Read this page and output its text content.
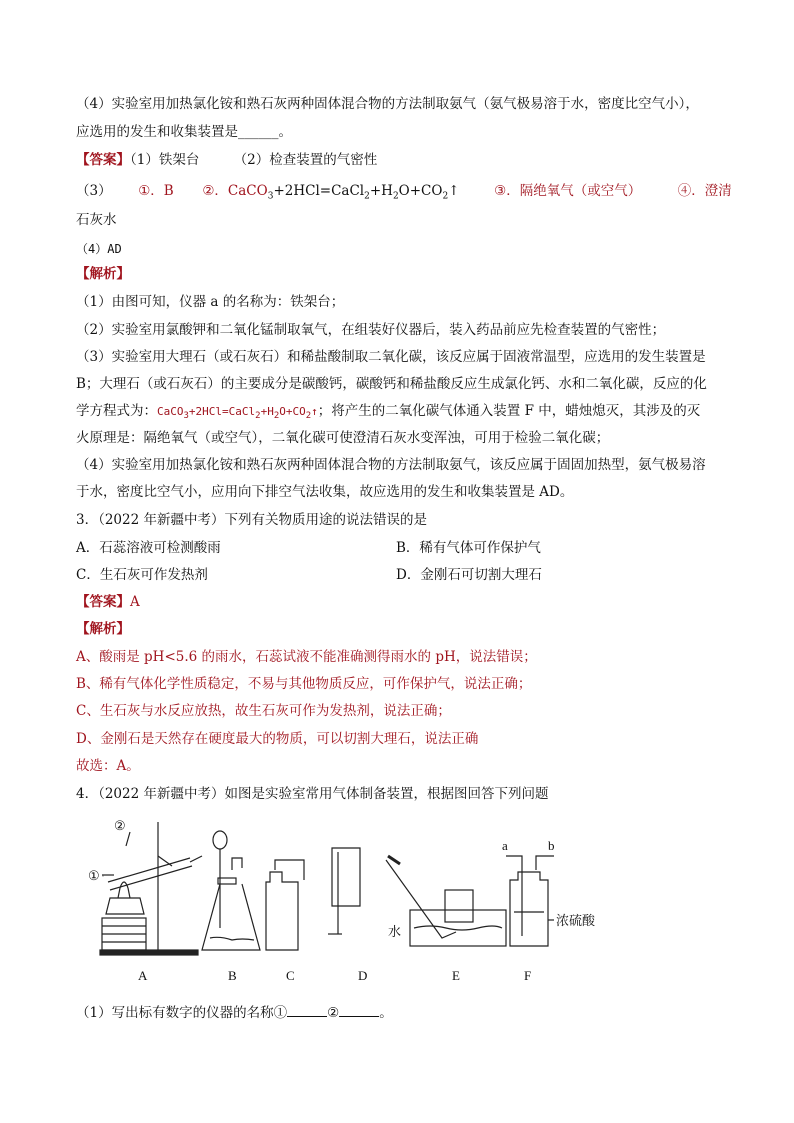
（4）实验室用加热氯化铵和熟石灰两种固体混合物的方法制取氨气（氨气极易溶于水，密度比空气小），
应选用的发生和收集装置是______。
【答案】（1）铁架台	（2）检查装置的气密性
（3） ①．B ②．$CaCO_3+2HCl=CaCl_2+H_2O+CO_2↑$	③．隔绝氧气（或空气）	④．澄清
石灰水
（4）AD
【解析】
（1）由图可知，仪器 a 的名称为：铁架台；
（2）实验室用氯酸钾和二氧化锰制取氧气，在组装好仪器后，装入药品前应先检查装置的气密性；
（3）实验室用大理石（或石灰石）和稀盐酸制取二氧化碳，该反应属于固液常温型，应选用的发生装置是
B；大理石（或石灰石）的主要成分是碳酸钙，碳酸钙和稀盐酸反应生成氯化钙、水和二氧化碳，反应的化
学方程式为：$CaCO_3+2HCl=CaCl_2+H_2O+CO_2↑$；将产生的二氧化碳气体通入装置 F 中，蜡烛熄灭，其涉及的灭
火原理是：隔绝氧气（或空气），二氧化碳可使澄清石灰水变浑浊，可用于检验二氧化碳；
（4）实验室用加热氯化铵和熟石灰两种固体混合物的方法制取氨气，该反应属于固固加热型，氨气极易溶
于水，密度比空气小，应用向下排空气法收集，故应选用的发生和收集装置是 AD。
3．（2022 年新疆中考）下列有关物质用途的说法错误的是
A．石蕊溶液可检测酸雨	B．稀有气体可作保护气
C．生石灰可作发热剂	D．金刚石可切割大理石
【答案】A
【解析】
A、酸雨是 pH<5.6 的雨水，石蕊试液不能准确测得雨水的 pH，说法错误；
B、稀有气体化学性质稳定，不易与其他物质反应，可作保护气，说法正确；
C、生石灰与水反应放热，故生石灰可作为发热剂，说法正确；
D、金刚石是天然存在硬度最大的物质，可以切割大理石，说法正确
故选：A。
4．（2022 年新疆中考）如图是实验室常用气体制备装置，根据图回答下列问题
①
②
水
a	b
浓硫酸
A	B	C	D	E	F
（1）写出标有数字的仪器的名称①	②	。
